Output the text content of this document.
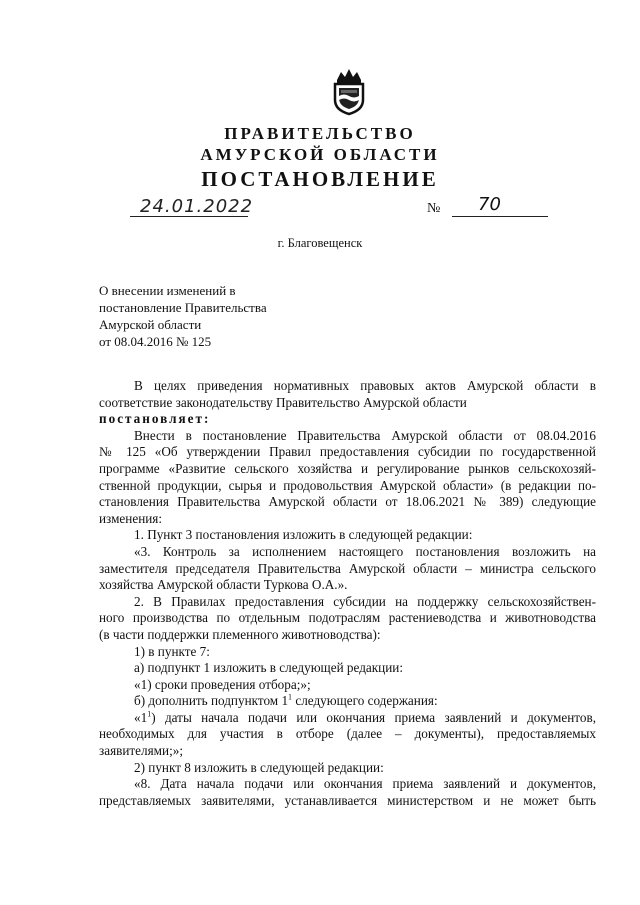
ПРАВИТЕЛЬСТВО
АМУРСКОЙ ОБЛАСТИ
ПОСТАНОВЛЕНИЕ
24.01.2022	№ 70
г. Благовещенск
О внесении изменений в
постановление Правительства
Амурской области
от 08.04.2016 № 125

В целях приведения нормативных правовых актов Амурской области в

соответствие законодательству Правительство Амурской области

постановляет:

Внести в постановление Правительства Амурской области от 08.04.2016

№ 125 «Об утверждении Правил предоставления субсидии по государственной

программе «Развитие сельского хозяйства и регулирование рынков сельскохозяй-

ственной продукции, сырья и продовольствия Амурской области» (в редакции по-

становления Правительства Амурской области от 18.06.2021 № 389) следующие

изменения:

1. Пункт 3 постановления изложить в следующей редакции:

«3. Контроль за исполнением настоящего постановления возложить на

заместителя председателя Правительства Амурской области – министра сельского

хозяйства Амурской области Туркова О.А.».

2. В Правилах предоставления субсидии на поддержку сельскохозяйствен-

ного производства по отдельным подотраслям растениеводства и животноводства

(в части поддержки племенного животноводства):

1) в пункте 7:

а) подпункт 1 изложить в следующей редакции:

«1) сроки проведения отбора;»;

б) дополнить подпунктом $1^1$ следующего содержания:

«$1^1$) даты начала подачи или окончания приема заявлений и документов,

необходимых для участия в отборе (далее – документы), предоставляемых

заявителями;»;

2) пункт 8 изложить в следующей редакции:

«8. Дата начала подачи или окончания приема заявлений и документов,

представляемых заявителями, устанавливается министерством и не может быть
